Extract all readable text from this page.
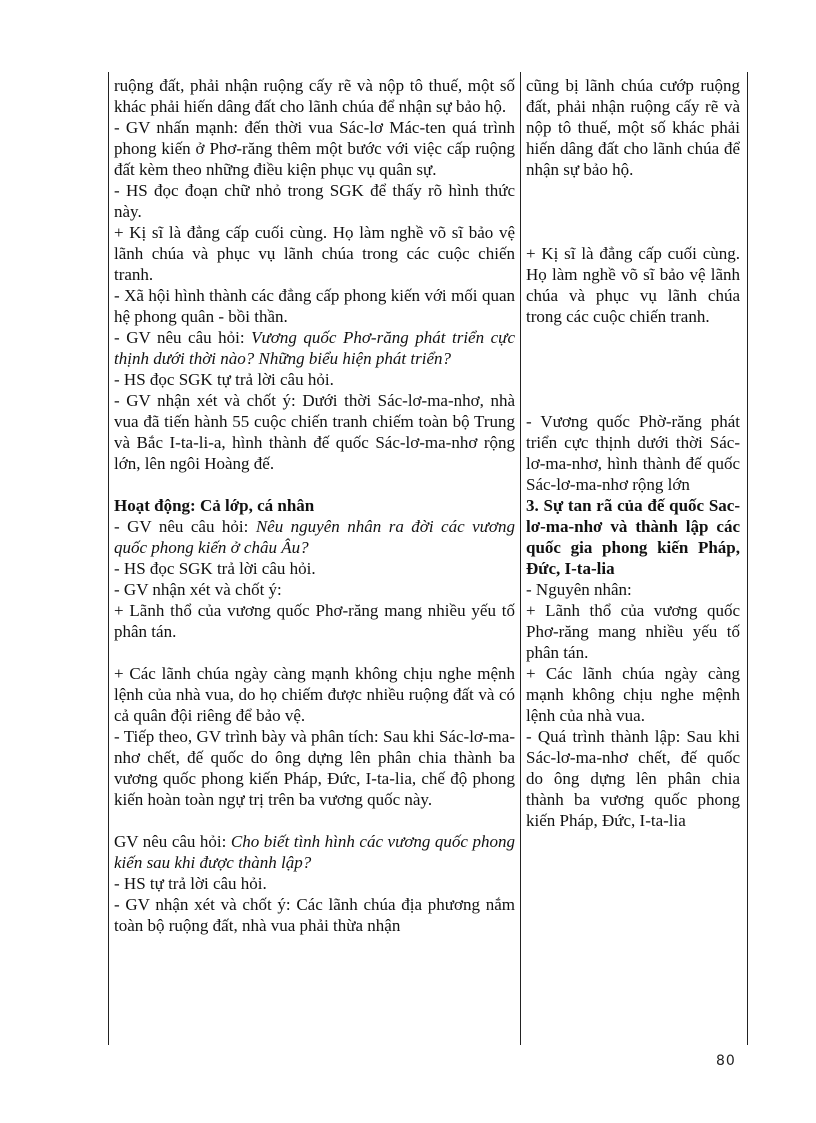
ruộng đất, phải nhận ruộng cấy rẽ và nộp tô thuế, một số khác phải hiến dâng đất cho lãnh chúa để nhận sự bảo hộ.
- GV nhấn mạnh: đến thời vua Sác-lơ Mác-ten quá trình phong kiến ở Phơ-răng thêm một bước với việc cấp ruộng đất kèm theo những điều kiện phục vụ quân sự.
- HS đọc đoạn chữ nhỏ trong SGK để thấy rõ hình thức này.
+ Kị sĩ là đẳng cấp cuối cùng. Họ làm nghề võ sĩ bảo vệ lãnh chúa và phục vụ lãnh chúa trong các cuộc chiến tranh.
- Xã hội hình thành các đẳng cấp phong kiến với mối quan hệ phong quân - bồi thần.
- GV nêu câu hỏi: Vương quốc Phơ-răng phát triển cực thịnh dưới thời nào? Những biểu hiện phát triển?
- HS đọc SGK tự trả lời câu hỏi.
- GV nhận xét và chốt ý: Dưới thời Sác-lơ-ma-nhơ, nhà vua đã tiến hành 55 cuộc chiến tranh chiếm toàn bộ Trung và Bắc I-ta-li-a, hình thành đế quốc Sác-lơ-ma-nhơ rộng lớn, lên ngôi Hoàng đế.
Hoạt động: Cả lớp, cá nhân
- GV nêu câu hỏi: Nêu nguyên nhân ra đời các vương quốc phong kiến ở châu Âu?
- HS đọc SGK trả lời câu hỏi.
- GV nhận xét và chốt ý:
+ Lãnh thổ của vương quốc Phơ-răng mang nhiều yếu tố phân tán.
+ Các lãnh chúa ngày càng mạnh không chịu nghe mệnh lệnh của nhà vua, do họ chiếm được nhiều ruộng đất và có cả quân đội riêng để bảo vệ.
- Tiếp theo, GV trình bày và phân tích: Sau khi Sác-lơ-ma-nhơ chết, đế quốc do ông dựng lên phân chia thành ba vương quốc phong kiến Pháp, Đức, I-ta-lia, chế độ phong kiến hoàn toàn ngự trị trên ba vương quốc này.
GV nêu câu hỏi: Cho biết tình hình các vương quốc phong kiến sau khi được thành lập?
- HS tự trả lời câu hỏi.
- GV nhận xét và chốt ý: Các lãnh chúa địa phương nắm toàn bộ ruộng đất, nhà vua phải thừa nhận
cũng bị lãnh chúa cướp ruộng đất, phải nhận ruộng cấy rẽ và nộp tô thuế, một số khác phải hiến dâng đất cho lãnh chúa để nhận sự bảo hộ.
+ Kị sĩ là đẳng cấp cuối cùng. Họ làm nghề võ sĩ bảo vệ lãnh chúa và phục vụ lãnh chúa trong các cuộc chiến tranh.
- Vương quốc Phờ-răng phát triển cực thịnh dưới thời Sác-lơ-ma-nhơ, hình thành đế quốc Sác-lơ-ma-nhơ rộng lớn
3. Sự tan rã của đế quốc Sac-lơ-ma-nhơ và thành lập các quốc gia phong kiến Pháp, Đức, I-ta-lia
- Nguyên nhân:
+ Lãnh thổ của vương quốc Phơ-răng mang nhiều yếu tố phân tán.
+ Các lãnh chúa ngày càng mạnh không chịu nghe mệnh lệnh của nhà vua.
- Quá trình thành lập: Sau khi Sác-lơ-ma-nhơ chết, đế quốc do ông dựng lên phân chia thành ba vương quốc phong kiến Pháp, Đức, I-ta-lia
80
